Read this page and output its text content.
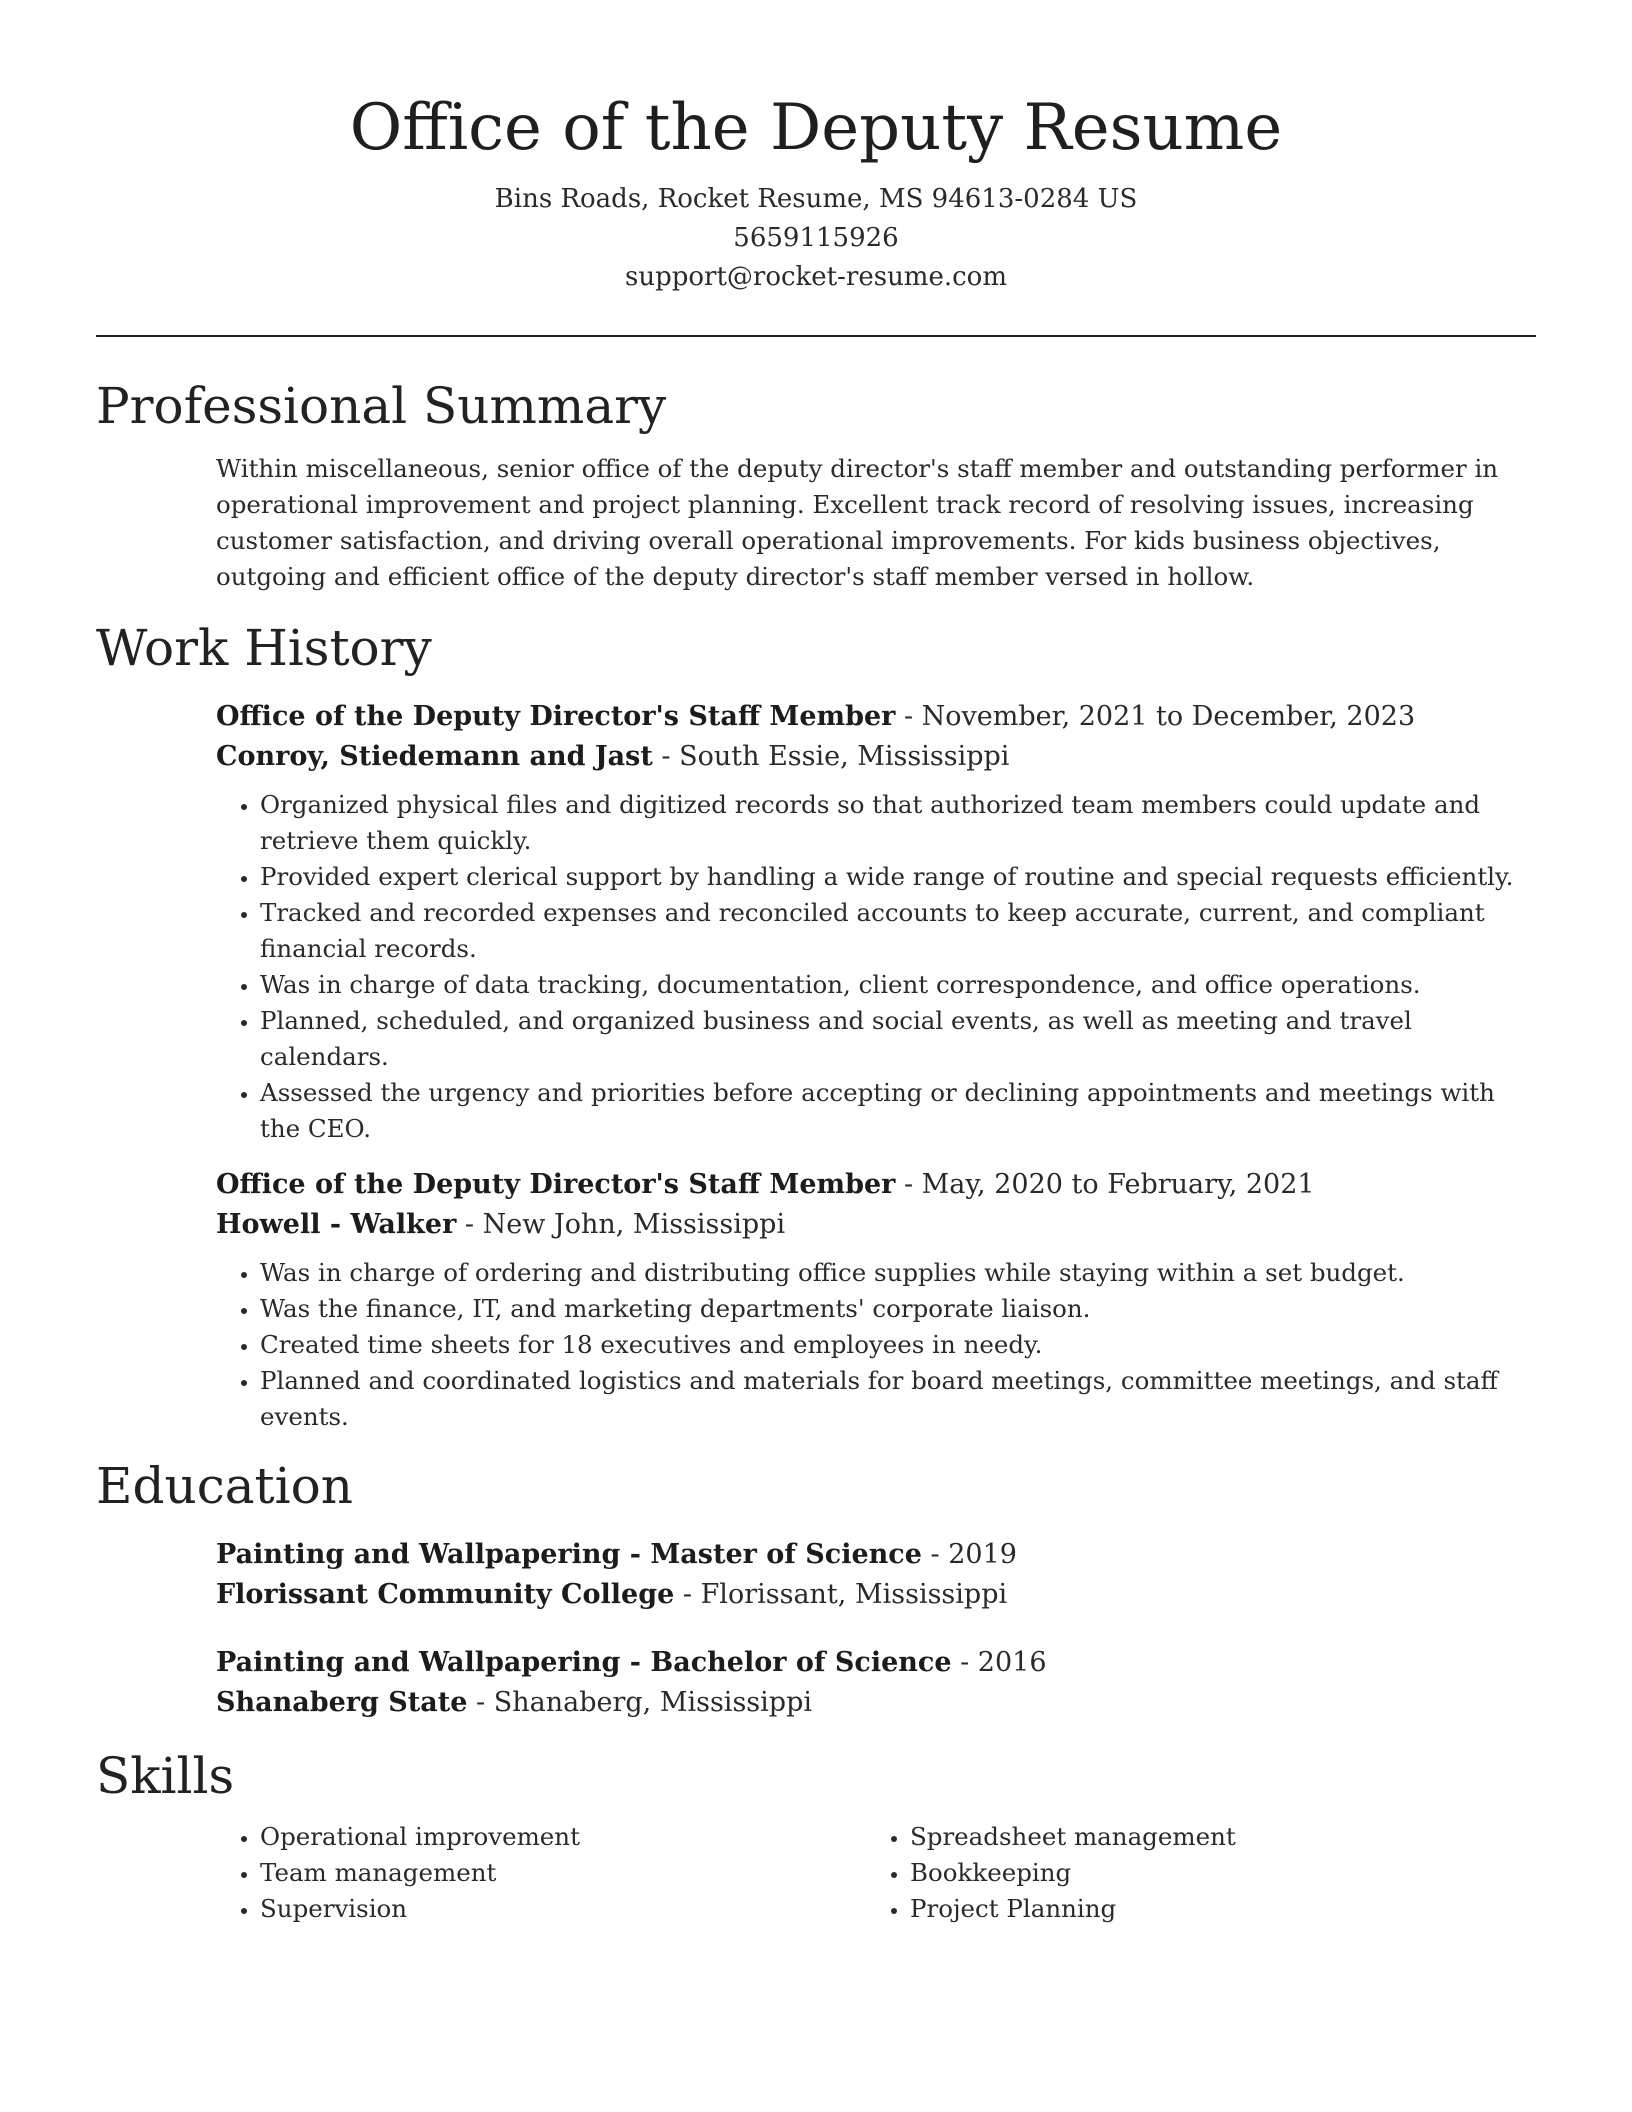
Office of the Deputy Resume
Bins Roads, Rocket Resume, MS 94613-0284 US
5659115926
support@rocket-resume.com
Professional Summary
Within miscellaneous, senior office of the deputy director's staff member and outstanding performer in operational improvement and project planning. Excellent track record of resolving issues, increasing customer satisfaction, and driving overall operational improvements. For kids business objectives, outgoing and efficient office of the deputy director's staff member versed in hollow.
Work History
Office of the Deputy Director's Staff Member - November, 2021 to December, 2023
Conroy, Stiedemann and Jast - South Essie, Mississippi
• Organized physical files and digitized records so that authorized team members could update and retrieve them quickly.
• Provided expert clerical support by handling a wide range of routine and special requests efficiently.
• Tracked and recorded expenses and reconciled accounts to keep accurate, current, and compliant financial records.
• Was in charge of data tracking, documentation, client correspondence, and office operations.
• Planned, scheduled, and organized business and social events, as well as meeting and travel calendars.
• Assessed the urgency and priorities before accepting or declining appointments and meetings with the CEO.
Office of the Deputy Director's Staff Member - May, 2020 to February, 2021
Howell - Walker - New John, Mississippi
• Was in charge of ordering and distributing office supplies while staying within a set budget.
• Was the finance, IT, and marketing departments' corporate liaison.
• Created time sheets for 18 executives and employees in needy.
• Planned and coordinated logistics and materials for board meetings, committee meetings, and staff events.
Education
Painting and Wallpapering - Master of Science - 2019
Florissant Community College - Florissant, Mississippi
Painting and Wallpapering - Bachelor of Science - 2016
Shanaberg State - Shanaberg, Mississippi
Skills
• Operational improvement
• Team management
• Supervision
• Spreadsheet management
• Bookkeeping
• Project Planning
